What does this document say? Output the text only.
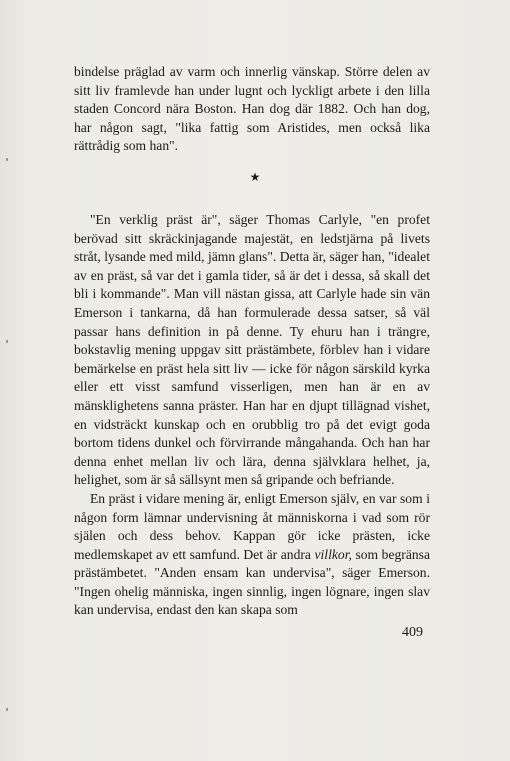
bindelse präglad av varm och innerlig vänskap. Större delen av sitt liv framlevde han under lugnt och lyckligt arbete i den lilla staden Concord nära Boston. Han dog där 1882. Och han dog, har någon sagt, "lika fattig som Aristides, men också lika rättrådig som han".

★

"En verklig präst är", säger Thomas Carlyle, "en profet berövad sitt skräckinjagande majestät, en ledstjärna på livets stråt, lysande med mild, jämn glans". Detta är, säger han, "idealet av en präst, så var det i gamla tider, så är det i dessa, så skall det bli i kommande". Man vill nästan gissa, att Carlyle hade sin vän Emerson i tankarna, då han formulerade dessa satser, så väl passar hans definition in på denne. Ty ehuru han i trängre, bokstavlig mening uppgav sitt prästämbete, förblev han i vidare bemärkelse en präst hela sitt liv — icke för någon särskild kyrka eller ett visst samfund visserligen, men han är en av mänsklighetens sanna präster. Han har en djupt tillägnad vishet, en vidsträckt kunskap och en orubblig tro på det evigt goda bortom tidens dunkel och förvirrande mångahanda. Och han har denna enhet mellan liv och lära, denna självklara helhet, ja, helighet, som är så sällsynt men så gripande och befriande.

En präst i vidare mening är, enligt Emerson själv, en var som i någon form lämnar undervisning åt människorna i vad som rör själen och dess behov. Kappan gör icke prästen, icke medlemskapet av ett samfund. Det är andra villkor, som begränsa prästämbetet. "Anden ensam kan undervisa", säger Emerson. "Ingen ohelig människa, ingen sinnlig, ingen lögnare, ingen slav kan undervisa, endast den kan skapa som

409
